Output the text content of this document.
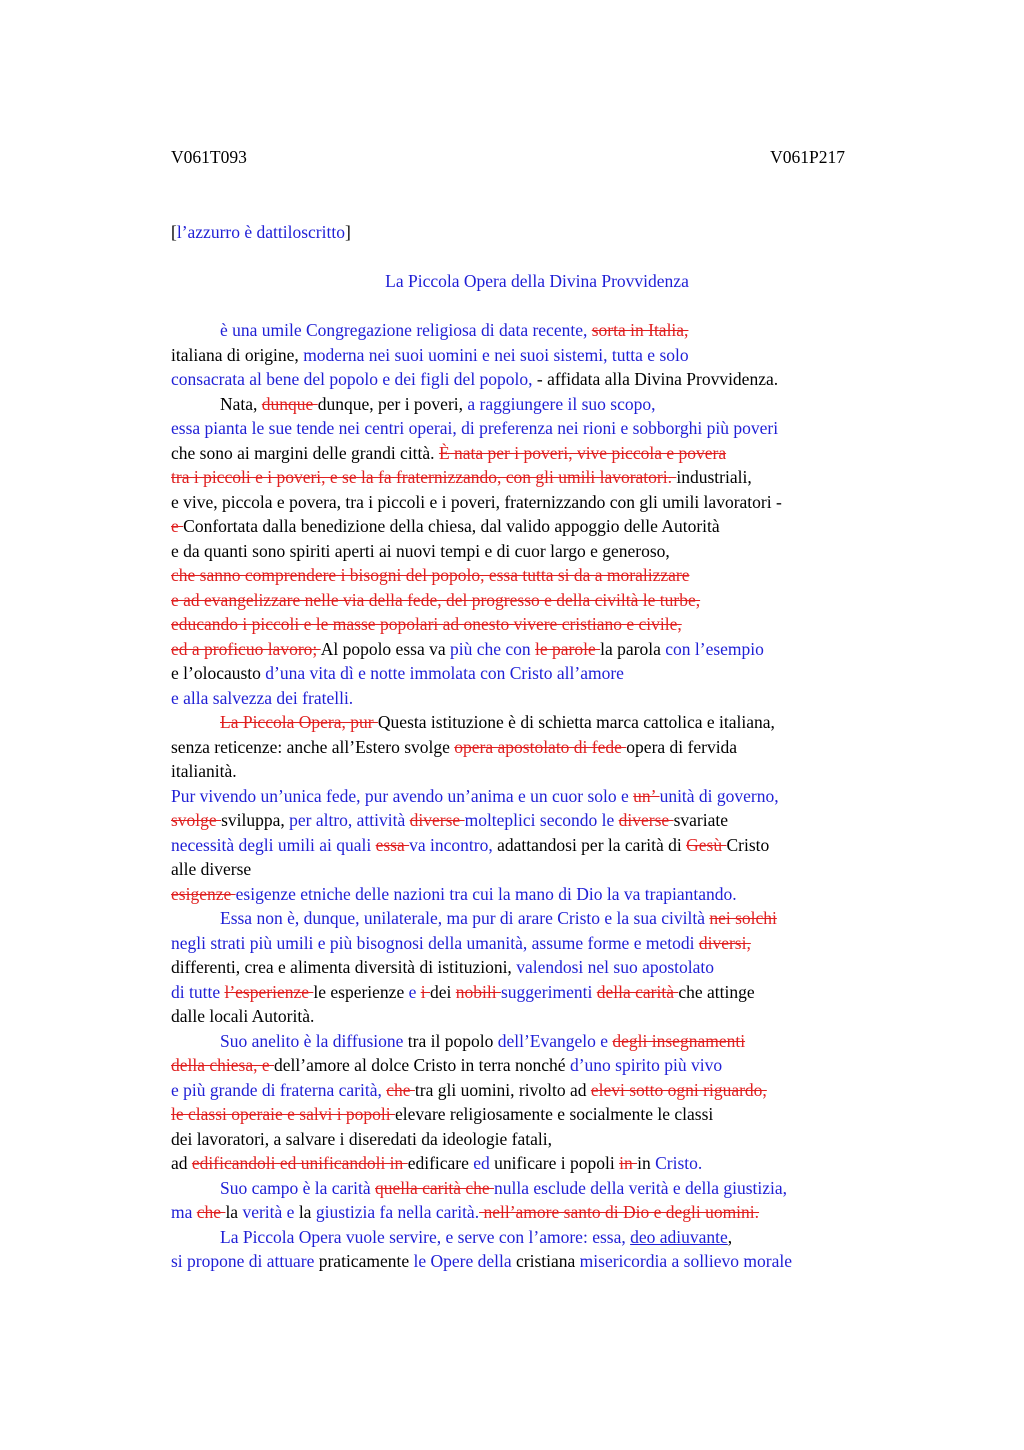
V061T093	V061P217
[l’azzurro è dattiloscritto]
La Piccola Opera della Divina Provvidenza
è una umile Congregazione religiosa di data recente, sorta in Italia,
italiana di origine, moderna nei suoi uomini e nei suoi sistemi, tutta e solo
consacrata al bene del popolo e dei figli del popolo, - affidata alla Divina Provvidenza.
Nata, dunque dunque, per i poveri, a raggiungere il suo scopo,
essa pianta le sue tende nei centri operai, di preferenza nei rioni e sobborghi più poveri
che sono ai margini delle grandi città. È nata per i poveri, vive piccola e povera
tra i piccoli e i poveri, e se la fa fraternizzando, con gli umili lavoratori. industriali,
e vive, piccola e povera, tra i piccoli e i poveri, fraternizzando con gli umili lavoratori -
e Confortata dalla benedizione della chiesa, dal valido appoggio delle Autorità
e da quanti sono spiriti aperti ai nuovi tempi e di cuor largo e generoso,
che sanno comprendere i bisogni del popolo, essa tutta si da a moralizzare
e ad evangelizzare nelle via della fede, del progresso e della civiltà le turbe,
educando i piccoli e le masse popolari ad onesto vivere cristiano e civile,
ed a proficuo lavoro; Al popolo essa va più che con le parole la parola con l’esempio
e l’olocausto d’una vita dì e notte immolata con Cristo all’amore
e alla salvezza dei fratelli.
La Piccola Opera, pur Questa istituzione è di schietta marca cattolica e italiana,
senza reticenze: anche all’Estero svolge opera apostolato di fede opera di fervida
italianità.
Pur vivendo un’unica fede, pur avendo un’anima e un cuor solo e un’ unità di governo,
svolge sviluppa, per altro, attività diverse molteplici secondo le diverse svariate
necessità degli umili ai quali essa va incontro, adattandosi per la carità di Gesù Cristo
alle diverse
esigenze esigenze etniche delle nazioni tra cui la mano di Dio la va trapiantando.
Essa non è, dunque, unilaterale, ma pur di arare Cristo e la sua civiltà nei solchi
negli strati più umili e più bisognosi della umanità, assume forme e metodi diversi,
differenti, crea e alimenta diversità di istituzioni, valendosi nel suo apostolato
di tutte l’esperienze le esperienze e i dei nobili suggerimenti della carità che attinge
dalle locali Autorità.
Suo anelito è la diffusione tra il popolo dell’Evangelo e degli insegnamenti
della chiesa, e dell’amore al dolce Cristo in terra nonché d’uno spirito più vivo
e più grande di fraterna carità, che tra gli uomini, rivolto ad elevi sotto ogni riguardo,
le classi operaie e salvi i popoli elevare religiosamente e socialmente le classi
dei lavoratori, a salvare i diseredati da ideologie fatali,
ad edificandoli ed unificandoli in edificare ed unificare i popoli in in Cristo.
Suo campo è la carità quella carità che nulla esclude della verità e della giustizia,
ma che la verità e la giustizia fa nella carità. nell’amore santo di Dio e degli uomini.
La Piccola Opera vuole servire, e serve con l’amore: essa, deo adiuvante,
si propone di attuare praticamente le Opere della cristiana misericordia a sollievo morale
